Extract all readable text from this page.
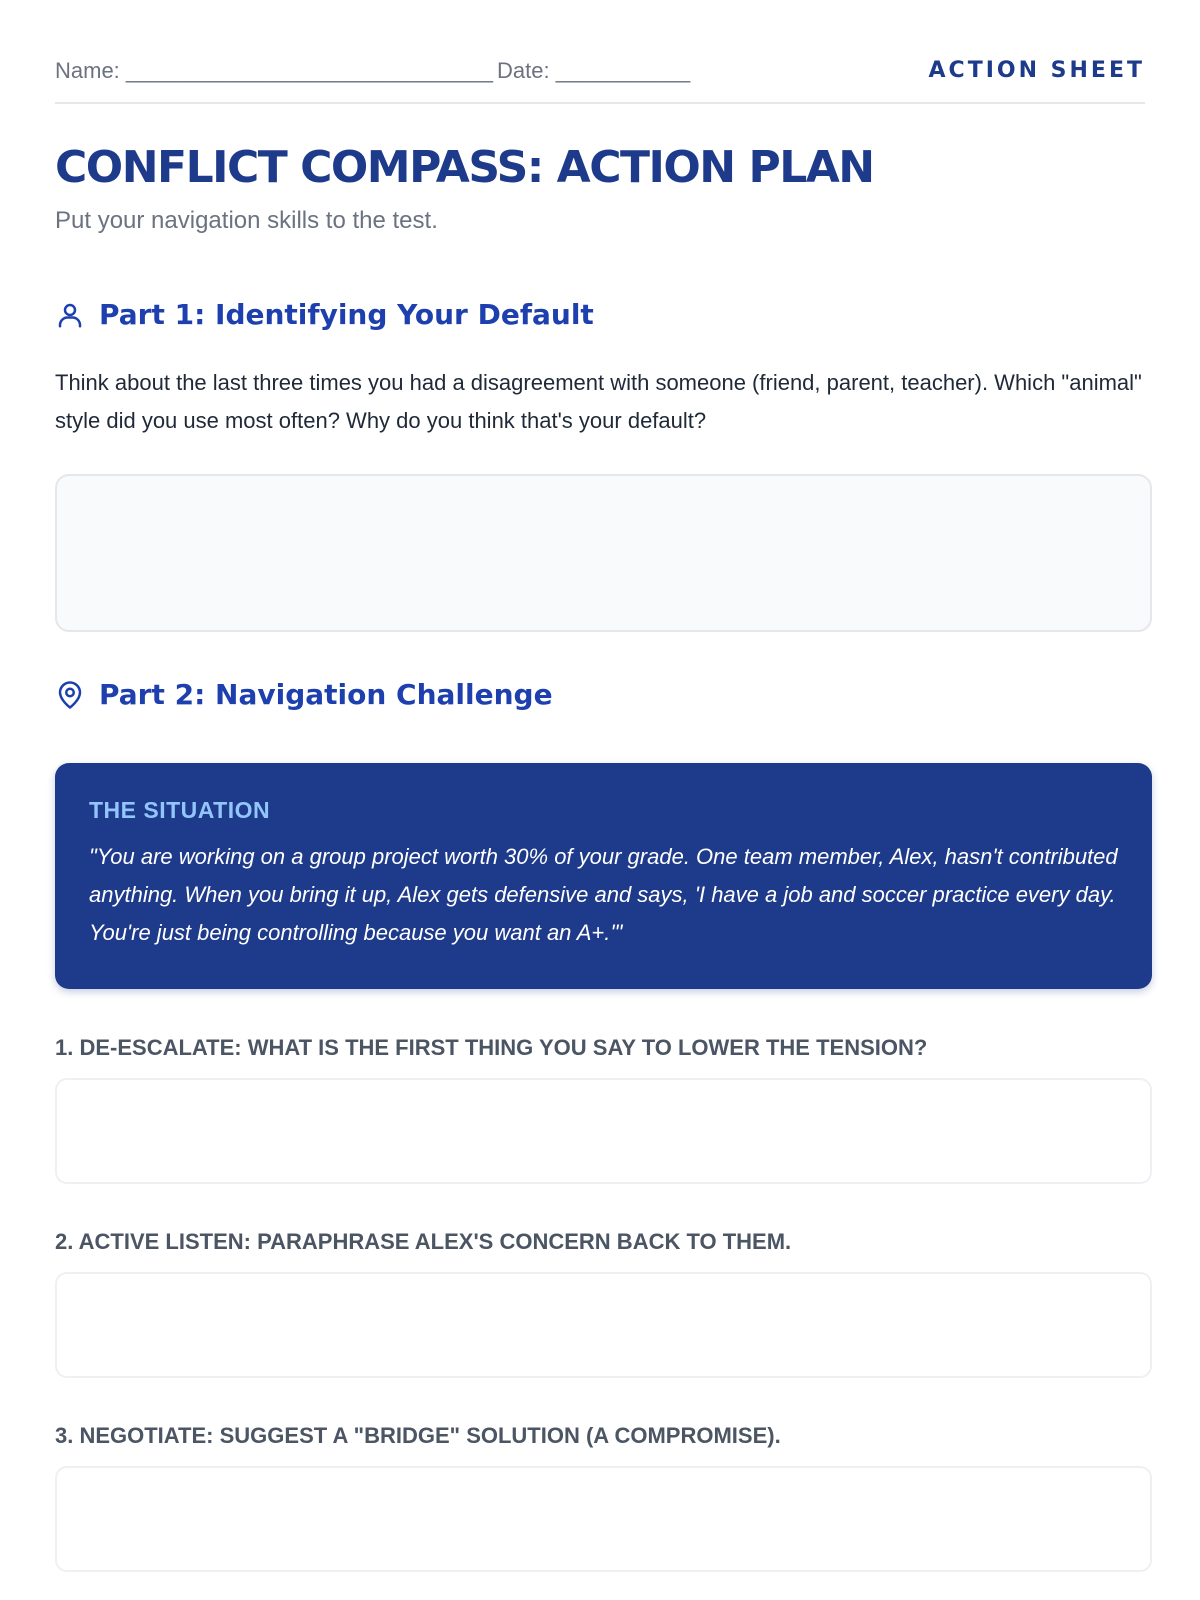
Name: ______________________________ Date: ___________	ACTION SHEET
CONFLICT COMPASS: ACTION PLAN
Put your navigation skills to the test.
Part 1: Identifying Your Default
Think about the last three times you had a disagreement with someone (friend, parent, teacher). Which "animal" style did you use most often? Why do you think that's your default?
Part 2: Navigation Challenge
THE SITUATION
"You are working on a group project worth 30% of your grade. One team member, Alex, hasn't contributed anything. When you bring it up, Alex gets defensive and says, 'I have a job and soccer practice every day. You're just being controlling because you want an A+.'"
1. DE-ESCALATE: WHAT IS THE FIRST THING YOU SAY TO LOWER THE TENSION?
2. ACTIVE LISTEN: PARAPHRASE ALEX'S CONCERN BACK TO THEM.
3. NEGOTIATE: SUGGEST A "BRIDGE" SOLUTION (A COMPROMISE).
